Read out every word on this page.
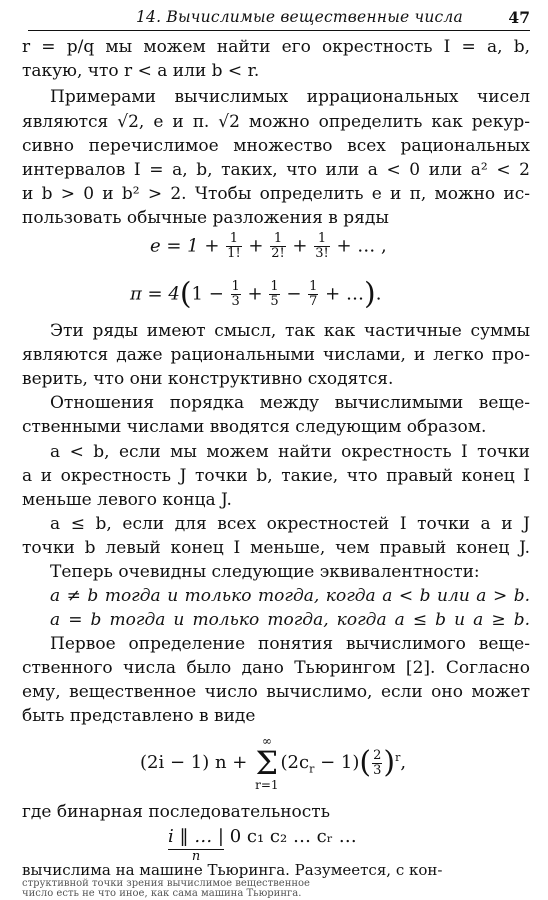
14. Вычислимые вещественные числа	47
r = p/q мы можем найти его окрестность I = a, b,
такую, что r < a или b < r.
Примерами вычислимых иррациональных чисел
являются √2, e и π. √2 можно определить как рекур-
сивно перечислимое множество всех рациональных
интервалов I = a, b, таких, что или a < 0 или a² < 2
и b > 0 и b² > 2. Чтобы определить e и π, можно ис-
пользовать обычные разложения в ряды
$e = 1 + \frac{1}{1!} + \frac{1}{2!} + \frac{1}{3!}$ + … ,
$\pi = 4(1 - \frac{1}{3} + \frac{1}{5} - \frac{1}{7}$ + …).
Эти ряды имеют смысл, так как частичные суммы
являются даже рациональными числами, и легко про-
верить, что они конструктивно сходятся.
Отношения порядка между вычислимыми веще-
ственными числами вводятся следующим образом.
a < b, если мы можем найти окрестность I точки
a и окрестность J точки b, такие, что правый конец I
меньше левого конца J.
a ≤ b, если для всех окрестностей I точки a и J
точки b левый конец I меньше, чем правый конец J.
Теперь очевидны следующие эквивалентности:
a ≠ b тогда и только тогда, когда a < b или a > b.
a = b тогда и только тогда, когда a ≤ b и a ≥ b.
Первое определение понятия вычислимого веще-
ственного числа было дано Тьюрингом [2]. Согласно
ему, вещественное число вычислимо, если оно может
быть представлено в виде
(2i − 1) n +
∞
Σ
r=1
$(2c_r - 1)( \frac{2}{3} )^r$,
где бинарная последовательность
i ‖ … |
n
0 c₁ c₂ … cᵣ …
вычислима на машине Тьюринга. Разумеется, с кон-
структивной точки зрения вычислимое вещественное
число есть не что иное, как сама машина Тьюринга.
